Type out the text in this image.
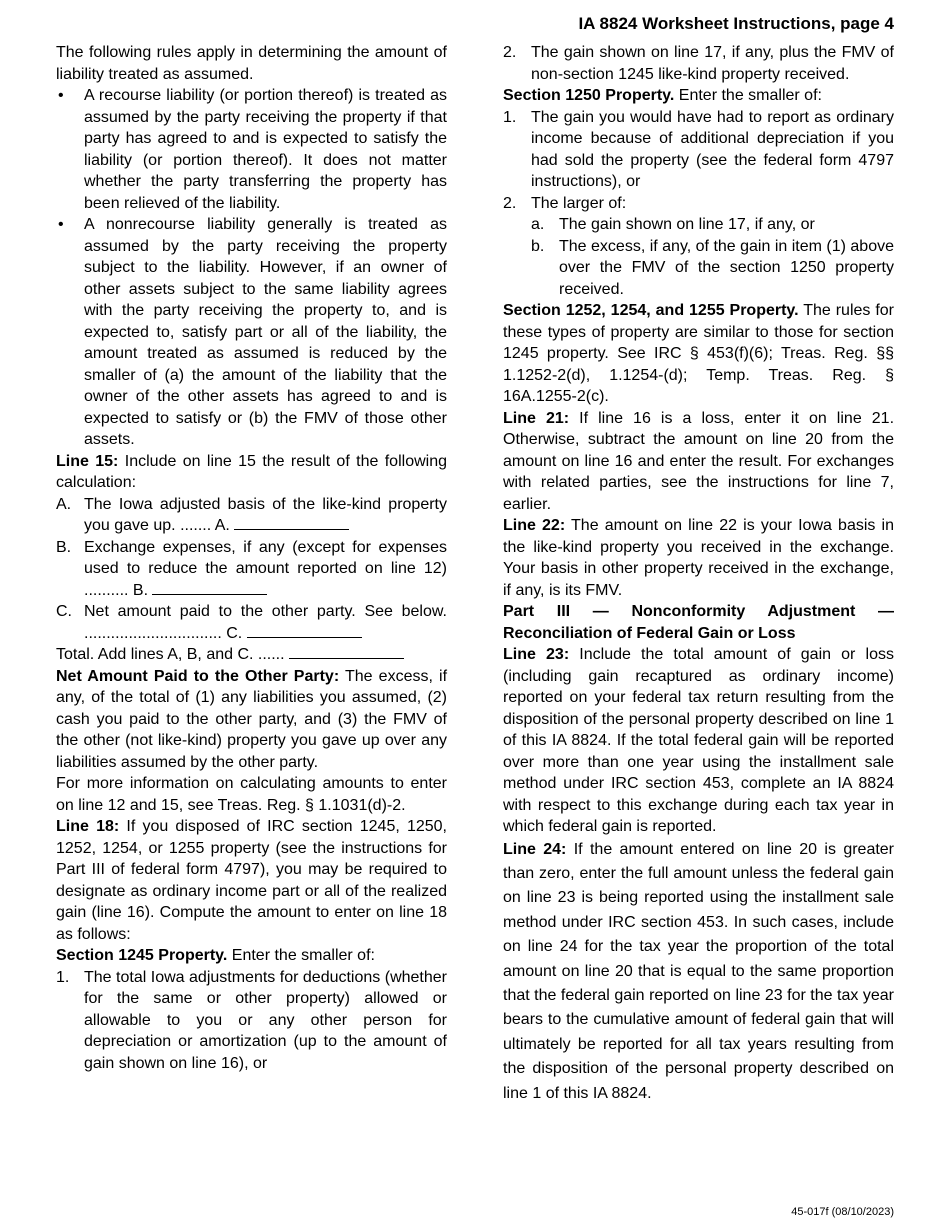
IA 8824 Worksheet Instructions, page 4

The following rules apply in determining the amount of liability treated as assumed.

• A recourse liability (or portion thereof) is treated as assumed by the party receiving the property if that party has agreed to and is expected to satisfy the liability (or portion thereof). It does not matter whether the party transferring the property has been relieved of the liability.

• A nonrecourse liability generally is treated as assumed by the party receiving the property subject to the liability. However, if an owner of other assets subject to the same liability agrees with the party receiving the property to, and is expected to, satisfy part or all of the liability, the amount treated as assumed is reduced by the smaller of (a) the amount of the liability that the owner of the other assets has agreed to and is expected to satisfy or (b) the FMV of those other assets.

Line 15: Include on line 15 the result of the following calculation:

A. The Iowa adjusted basis of the like-kind property you gave up. ....... A.

B. Exchange expenses, if any (except for expenses used to reduce the amount reported on line 12) .......... B.

C. Net amount paid to the other party. See below. ............................... C.

Total. Add lines A, B, and C. ......

Net Amount Paid to the Other Party: The excess, if any, of the total of (1) any liabilities you assumed, (2) cash you paid to the other party, and (3) the FMV of the other (not like-kind) property you gave up over any liabilities assumed by the other party.

For more information on calculating amounts to enter on line 12 and 15, see Treas. Reg. § 1.1031(d)-2.

Line 18: If you disposed of IRC section 1245, 1250, 1252, 1254, or 1255 property (see the instructions for Part III of federal form 4797), you may be required to designate as ordinary income part or all of the realized gain (line 16). Compute the amount to enter on line 18 as follows:

Section 1245 Property. Enter the smaller of:

1. The total Iowa adjustments for deductions (whether for the same or other property) allowed or allowable to you or any other person for depreciation or amortization (up to the amount of gain shown on line 16), or

2. The gain shown on line 17, if any, plus the FMV of non-section 1245 like-kind property received.

Section 1250 Property. Enter the smaller of:

1. The gain you would have had to report as ordinary income because of additional depreciation if you had sold the property (see the federal form 4797 instructions), or

2. The larger of:

a. The gain shown on line 17, if any, or

b. The excess, if any, of the gain in item (1) above over the FMV of the section 1250 property received.

Section 1252, 1254, and 1255 Property. The rules for these types of property are similar to those for section 1245 property. See IRC § 453(f)(6); Treas. Reg. §§ 1.1252-2(d), 1.1254-(d); Temp. Treas. Reg. § 16A.1255-2(c).

Line 21: If line 16 is a loss, enter it on line 21. Otherwise, subtract the amount on line 20 from the amount on line 16 and enter the result. For exchanges with related parties, see the instructions for line 7, earlier.

Line 22: The amount on line 22 is your Iowa basis in the like-kind property you received in the exchange. Your basis in other property received in the exchange, if any, is its FMV.

Part III — Nonconformity Adjustment — Reconciliation of Federal Gain or Loss

Line 23: Include the total amount of gain or loss (including gain recaptured as ordinary income) reported on your federal tax return resulting from the disposition of the personal property described on line 1 of this IA 8824. If the total federal gain will be reported over more than one year using the installment sale method under IRC section 453, complete an IA 8824 with respect to this exchange during each tax year in which federal gain is reported.

Line 24: If the amount entered on line 20 is greater than zero, enter the full amount unless the federal gain on line 23 is being reported using the installment sale method under IRC section 453. In such cases, include on line 24 for the tax year the proportion of the total amount on line 20 that is equal to the same proportion that the federal gain reported on line 23 for the tax year bears to the cumulative amount of federal gain that will ultimately be reported for all tax years resulting from the disposition of the personal property described on line 1 of this IA 8824.

45-017f (08/10/2023)
